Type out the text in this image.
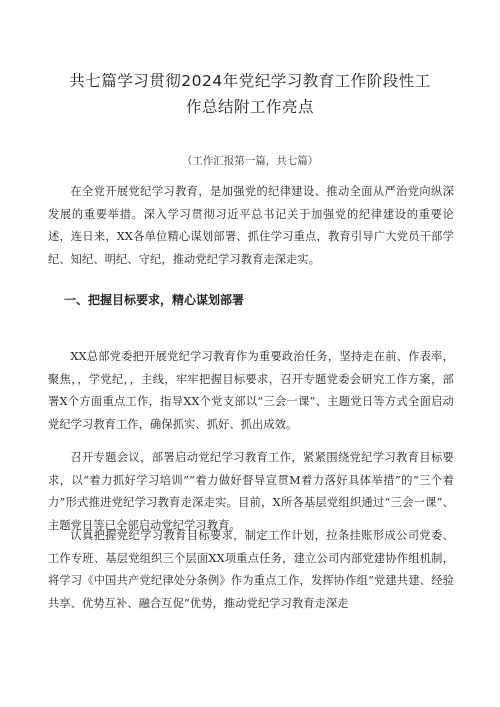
共七篇学习贯彻2024年党纪学习教育工作阶段性工
作总结附工作亮点

（工作汇报第一篇，共七篇）

在全党开展党纪学习教育，是加强党的纪律建设、推动全面从严治党向纵深发展的重要举措。深入学习贯彻习近平总书记关于加强党的纪律建设的重要论述，连日来，XX各单位精心谋划部署、抓住学习重点，教育引导广大党员干部学纪、知纪、明纪、守纪，推动党纪学习教育走深走实。

一、把握目标要求，精心谋划部署

XX总部党委把开展党纪学习教育作为重要政治任务，坚持走在前、作表率，聚焦，，学党纪，，主线，牢牢把握目标要求，召开专题党委会研究工作方案，部署X个方面重点工作，指导XX个党支部以“三会一课”、主题党日等方式全面启动党纪学习教育工作，确保抓实、抓好、抓出成效。

召开专题会议，部署启动党纪学习教育工作，紧紧围绕党纪学习教育目标要求，以“着力抓好学习培训”“着力做好督导宣贯M着力落好具体举措”的“三个着力”形式推进党纪学习教育走深走实。目前，X所各基层党组织通过“三会一课”、主题党日等已全部启动党纪学习教育。

认真把握党纪学习教育目标要求，制定工作计划，拉条挂账形成公司党委、工作专班、基层党组织三个层面XX项重点任务，建立公司内部党建协作组机制，将学习《中国共产党纪律处分条例》作为重点工作，发挥协作组“党建共建、经验共享、优势互补、融合互促”优势，推动党纪学习教育走深走
